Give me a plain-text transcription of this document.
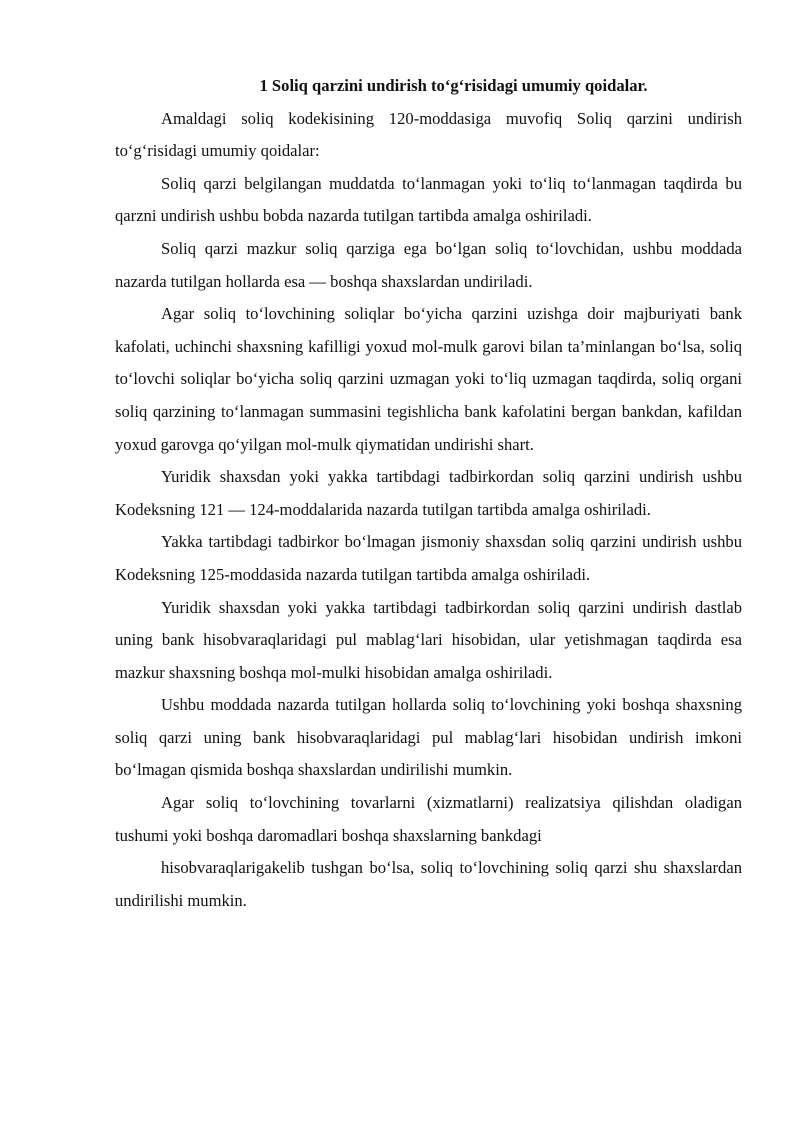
1 Soliq qarzini undirish to‘g‘risidagi umumiy qoidalar.

Amaldagi soliq kodekisining 120-moddasiga muvofiq Soliq qarzini undirish to‘g‘risidagi umumiy qoidalar:

Soliq qarzi belgilangan muddatda to‘lanmagan yoki to‘liq to‘lanmagan taqdirda bu qarzni undirish ushbu bobda nazarda tutilgan tartibda amalga oshiriladi.

Soliq qarzi mazkur soliq qarziga ega bo‘lgan soliq to‘lovchidan, ushbu moddada nazarda tutilgan hollarda esa — boshqa shaxslardan undiriladi.

Agar soliq to‘lovchining soliqlar bo‘yicha qarzini uzishga doir majburiyati bank kafolati, uchinchi shaxsning kafilligi yoxud mol-mulk garovi bilan ta’minlangan bo‘lsa, soliq to‘lovchi soliqlar bo‘yicha soliq qarzini uzmagan yoki to‘liq uzmagan taqdirda, soliq organi soliq qarzining to‘lanmagan summasini tegishlicha bank kafolatini bergan bankdan, kafildan yoxud garovga qo‘yilgan mol-mulk qiymatidan undirishi shart.

Yuridik shaxsdan yoki yakka tartibdagi tadbirkordan soliq qarzini undirish ushbu Kodeksning 121 — 124-moddalarida nazarda tutilgan tartibda amalga oshiriladi.

Yakka tartibdagi tadbirkor bo‘lmagan jismoniy shaxsdan soliq qarzini undirish ushbu Kodeksning 125-moddasida nazarda tutilgan tartibda amalga oshiriladi.

Yuridik shaxsdan yoki yakka tartibdagi tadbirkordan soliq qarzini undirish dastlab uning bank hisobvaraqlaridagi pul mablag‘lari hisobidan, ular yetishmagan taqdirda esa mazkur shaxsning boshqa mol-mulki hisobidan amalga oshiriladi.

Ushbu moddada nazarda tutilgan hollarda soliq to‘lovchining yoki boshqa shaxsning soliq qarzi uning bank hisobvaraqlaridagi pul mablag‘lari hisobidan undirish imkoni bo‘lmagan qismida boshqa shaxslardan undirilishi mumkin.

Agar soliq to‘lovchining tovarlarni (xizmatlarni) realizatsiya qilishdan oladigan tushumi yoki boshqa daromadlari boshqa shaxslarning bankdagi

hisobvaraqlarigakelib tushgan bo‘lsa, soliq to‘lovchining soliq qarzi shu shaxslardan undirilishi mumkin.
